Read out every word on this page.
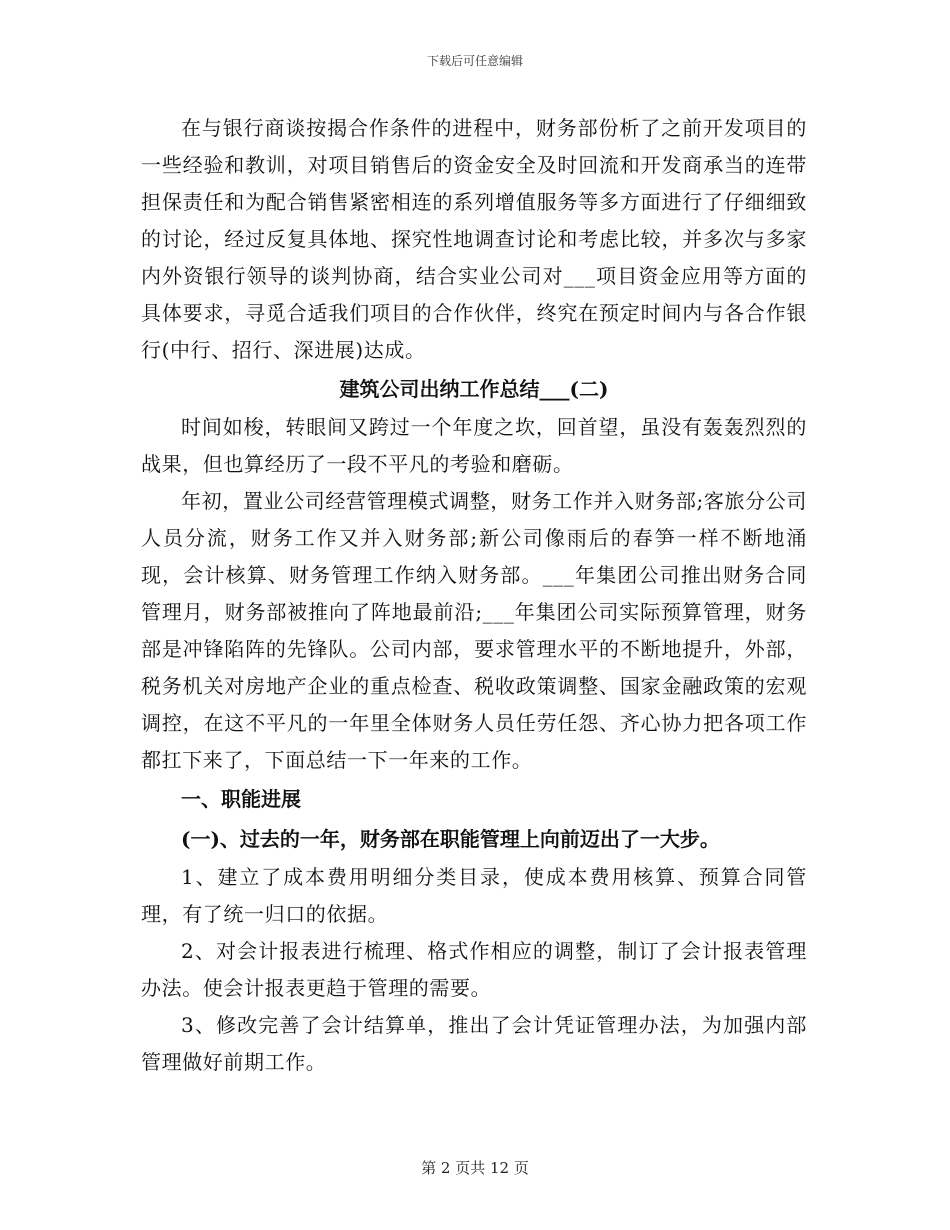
下载后可任意编辑

在与银行商谈按揭合作条件的进程中，财务部份析了之前开发项目的一些经验和教训，对项目销售后的资金安全及时回流和开发商承当的连带担保责任和为配合销售紧密相连的系列增值服务等多方面进行了仔细细致的讨论，经过反复具体地、探究性地调查讨论和考虑比较，并多次与多家内外资银行领导的谈判协商，结合实业公司对___项目资金应用等方面的具体要求，寻觅合适我们项目的合作伙伴，终究在预定时间内与各合作银行(中行、招行、深进展)达成。

建筑公司出纳工作总结___(二)

时间如梭，转眼间又跨过一个年度之坎，回首望，虽没有轰轰烈烈的战果，但也算经历了一段不平凡的考验和磨砺。

年初，置业公司经营管理模式调整，财务工作并入财务部;客旅分公司人员分流，财务工作又并入财务部;新公司像雨后的春笋一样不断地涌现，会计核算、财务管理工作纳入财务部。___年集团公司推出财务合同管理月，财务部被推向了阵地最前沿;___年集团公司实际预算管理，财务部是冲锋陷阵的先锋队。公司内部，要求管理水平的不断地提升，外部，税务机关对房地产企业的重点检查、税收政策调整、国家金融政策的宏观调控，在这不平凡的一年里全体财务人员任劳任怨、齐心协力把各项工作都扛下来了，下面总结一下一年来的工作。

一、职能进展

(一)、过去的一年，财务部在职能管理上向前迈出了一大步。

1、建立了成本费用明细分类目录，使成本费用核算、预算合同管理，有了统一归口的依据。

2、对会计报表进行梳理、格式作相应的调整，制订了会计报表管理办法。使会计报表更趋于管理的需要。

3、修改完善了会计结算单，推出了会计凭证管理办法，为加强内部管理做好前期工作。

第 2 页共 12 页
